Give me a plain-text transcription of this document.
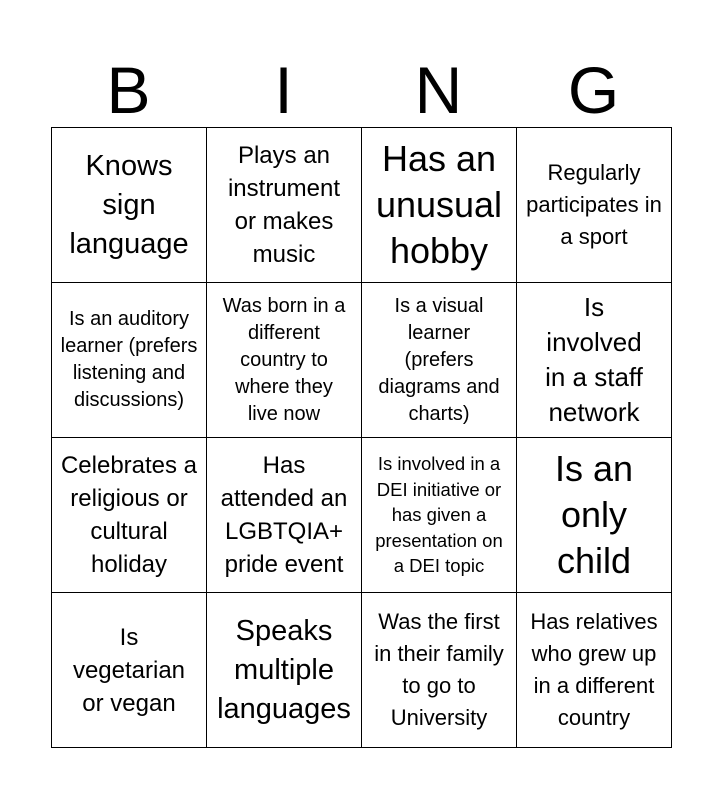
B	I	N	G
Knows sign language
Plays an instrument or makes music
Has an unusual hobby
Regularly participates in a sport
Is an auditory learner (prefers listening and discussions)
Was born in a different country to where they live now
Is a visual learner (prefers diagrams and charts)
Is involved in a staff network
Celebrates a religious or cultural holiday
Has attended an LGBTQIA+ pride event
Is involved in a DEI initiative or has given a presentation on a DEI topic
Is an only child
Is vegetarian or vegan
Speaks multiple languages
Was the first in their family to go to University
Has relatives who grew up in a different country
